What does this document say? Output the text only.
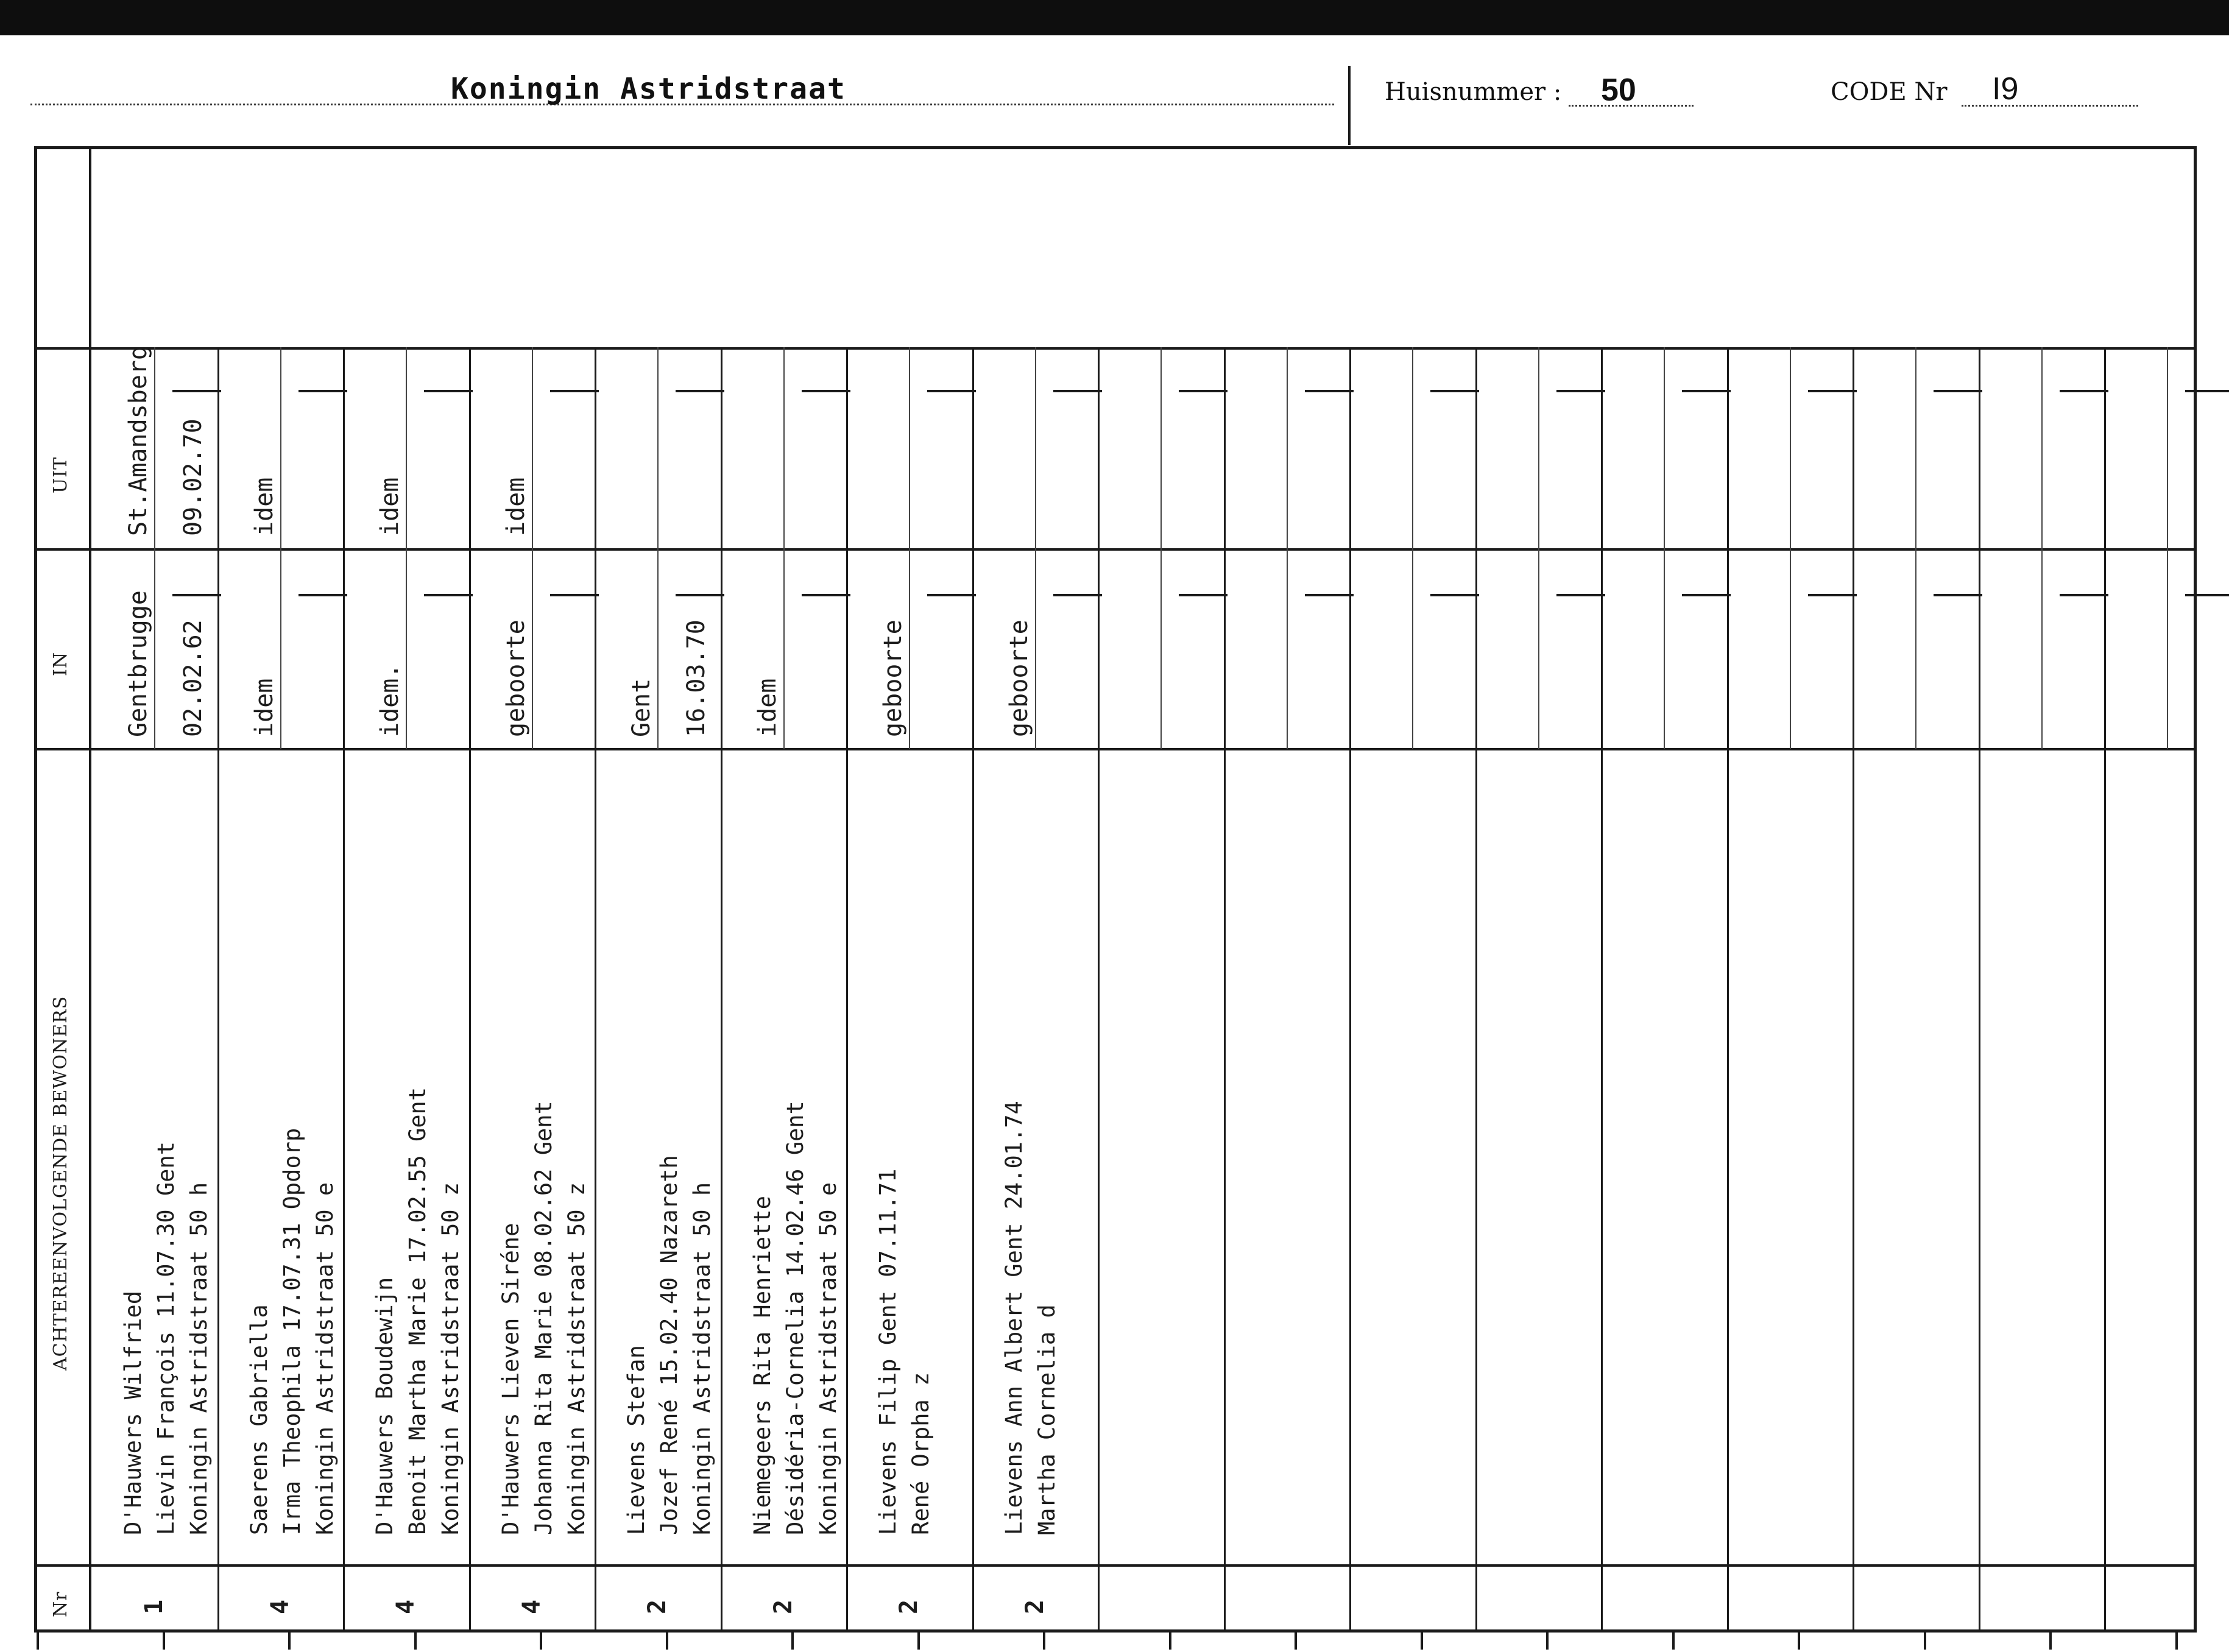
Koningin Astridstraat	Huisnummer : 50	CODE Nr I9
UIT
IN
ACHTEREENVOLGENDE BEWONERS
Nr
D'Hauwers Wilfried Lievin François 11.07.30 Gent Koningin Astridstraat 50 h
Gentbrugge 02.02.62
St.Amandsberg 09.02.70
1
Saerens Gabriella Irma Theophila 17.07.31 Opdorp Koningin Astridstraat 50 e
idem
idem
4
D'Hauwers Boudewijn Benoit Martha Marie 17.02.55 Gent Koningin Astridstraat 50 z
idem.
idem
4
D'Hauwers Lieven Siréne Johanna Rita Marie 08.02.62 Gent Koningin Astridstraat 50 z
geboorte
idem
4
Lievens Stefan Jozef René 15.02.40 Nazareth Koningin Astridstraat 50 h
Gent 16.03.70
2
Niemegeers Rita Henriette Désidéria-Cornelia 14.02.46 Gent Koningin Astridstraat 50 e
idem
2
Lievens Filip Gent 07.11.71 René Orpha z
geboorte
2
Lievens Ann Albert Gent 24.01.74 Martha Cornelia d
geboorte
2
